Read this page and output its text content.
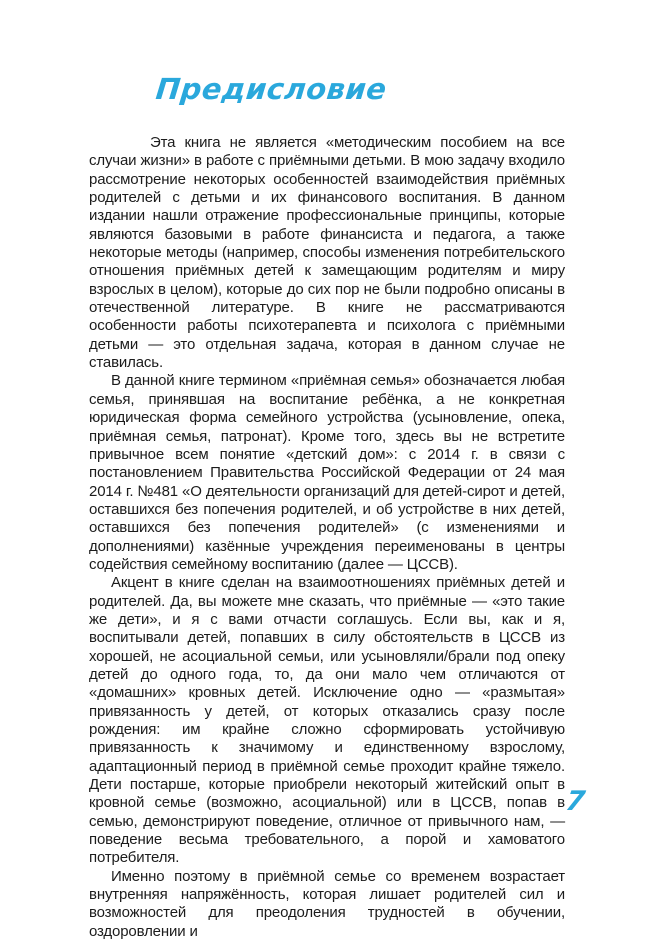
Предисловие

Эта книга не является «методическим пособием на все случаи жизни» в работе с приёмными детьми. В мою задачу входило рассмотрение некоторых особенностей взаимодействия приёмных родителей с детьми и их финансового воспитания. В данном издании нашли отражение профессиональные принципы, которые являются базовыми в работе финансиста и педагога, а также некоторые методы (например, способы изменения потребительского отношения приёмных детей к замещающим родителям и миру взрослых в целом), которые до сих пор не были подробно описаны в отечественной литературе. В книге не рассматриваются особенности работы психотерапевта и психолога с приёмными детьми — это отдельная задача, которая в данном случае не ставилась.

В данной книге термином «приёмная семья» обозначается любая семья, принявшая на воспитание ребёнка, а не конкретная юридическая форма семейного устройства (усыновление, опека, приёмная семья, патронат). Кроме того, здесь вы не встретите привычное всем понятие «детский дом»: с 2014 г. в связи с постановлением Правительства Российской Федерации от 24 мая 2014 г. №481 «О деятельности организаций для детей-сирот и детей, оставшихся без попечения родителей, и об устройстве в них детей, оставшихся без попечения родителей» (с изменениями и дополнениями) казённые учреждения переименованы в центры содействия семейному воспитанию (далее — ЦССВ).

Акцент в книге сделан на взаимоотношениях приёмных детей и родителей. Да, вы можете мне сказать, что приёмные — «это такие же дети», и я с вами отчасти соглашусь. Если вы, как и я, воспитывали детей, попавших в силу обстоятельств в ЦССВ из хорошей, не асоциальной семьи, или усыновляли/брали под опеку детей до одного года, то, да они мало чем отличаются от «домашних» кровных детей. Исключение одно — «размытая» привязанность у детей, от которых отказались сразу после рождения: им крайне сложно сформировать устойчивую привязанность к значимому и единственному взрослому, адаптационный период в приёмной семье проходит крайне тяжело. Дети постарше, которые приобрели некоторый житейский опыт в кровной семье (возможно, асоциальной) или в ЦССВ, попав в семью, демонстрируют поведение, отличное от привычного нам, — поведение весьма требовательного, а порой и хамоватого потребителя.

Именно поэтому в приёмной семье со временем возрастает внутренняя напряжённость, которая лишает родителей сил и возможностей для преодоления трудностей в обучении, оздоровлении и

7
